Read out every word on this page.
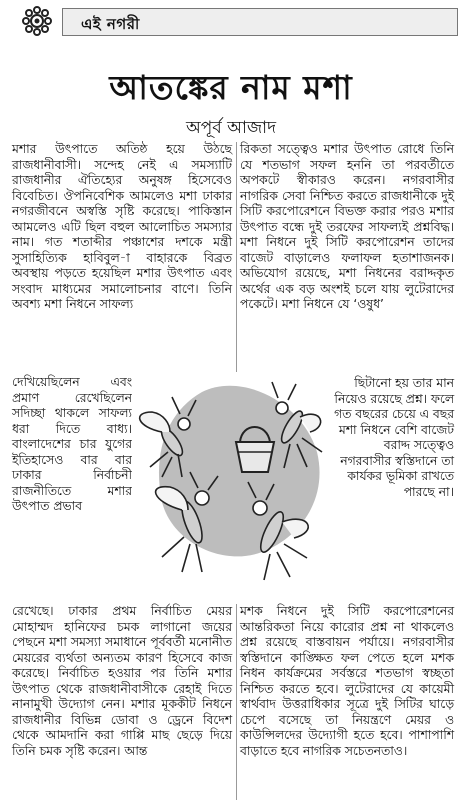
এই নগরী
আতঙ্কের নাম মশা
অপূর্ব আজাদ

মশার উৎপাতে অতিষ্ঠ হয়ে উঠছে রাজধানীবাসী। সন্দেহ নেই এ সমস্যাটি রাজধানীর ঐতিহ্যের অনুষঙ্গ হিসেবেও বিবেচিত। ঔপনিবেশিক আমলেও মশা ঢাকার নগরজীবনে অস্বস্তি সৃষ্টি করেছে। পাকিস্তান আমলেও এটি ছিল বহুল আলোচিত সমস্যার নাম। গত শতাব্দীর পঞ্চাশের দশকে মন্ত্রী সুসাহিত্যিক হাবিবুল-া বাহারকে বিব্রত অবস্থায় পড়তে হয়েছিল মশার উৎপাত এবং সংবাদ মাধ্যমের সমালোচনার বাণে। তিনি অবশ্য মশা নিধনে সাফল্য

রিকতা সত্ত্বেও মশার উৎপাত রোধে তিনি যে শতভাগ সফল হননি তা পরবর্তীতে অপকটে স্বীকারও করেন। নগরবাসীর নাগরিক সেবা নিশ্চিত করতে রাজধানীকে দুই সিটি করপোরেশনে বিভক্ত করার পরও মশার উৎপাত বন্ধে দুই তরফের সাফল্যই প্রশ্নবিদ্ধ। মশা নিধনে দুই সিটি করপোরেশন তাদের বাজেট বাড়ালেও ফলাফল হতাশাজনক। অভিযোগ রয়েছে, মশা নিধনের বরাদ্দকৃত অর্থের এক বড় অংশই চলে যায় লুটেরাদের পকেটে। মশা নিধনে যে ‘ওষুধ’

দেখিয়েছিলেন এবং প্রমাণ রেখেছিলেন সদিচ্ছা থাকলে সাফল্য ধরা দিতে বাধ্য। বাংলাদেশের চার যুগের ইতিহাসেও বার বার ঢাকার নির্বাচনী রাজনীতিতে মশার উৎপাত প্রভাব

ছিটানো হয় তার মান নিয়েও রয়েছে প্রশ্ন। ফলে গত বছরের চেয়ে এ বছর মশা নিধনে বেশি বাজেট বরাদ্দ সত্ত্বেও নগরবাসীর স্বস্তিদানে তা কার্যকর ভূমিকা রাখতে পারছে না।

রেখেছে। ঢাকার প্রথম নির্বাচিত মেয়র মোহাম্মদ হানিফের চমক লাগানো জয়ের পেছনে মশা সমস্যা সমাধানে পূর্ববর্তী মনোনীত মেয়রের ব্যর্থতা অন্যতম কারণ হিসেবে কাজ করেছে। নির্বাচিত হওয়ার পর তিনি মশার উৎপাত থেকে রাজধানীবাসীকে রেহাই দিতে নানামুখী উদ্যোগ নেন। মশার মূককীট নিধনে রাজধানীর বিভিন্ন ডোবা ও ড্রেনে বিদেশ থেকে আমদানি করা গাপ্পি মাছ ছেড়ে দিয়ে তিনি চমক সৃষ্টি করেন। আন্ত

মশক নিধনে দুই সিটি করপোরেশনের আন্তরিকতা নিয়ে কারোর প্রশ্ন না থাকলেও প্রশ্ন রয়েছে বাস্তবায়ন পর্যায়ে। নগরবাসীর স্বস্তিদানে কাঙ্ক্ষিত ফল পেতে হলে মশক নিধন কার্যক্রমের সর্বস্তরে শতভাগ স্বচ্ছতা নিশ্চিত করতে হবে। লুটেরাদের যে কায়েমী স্বার্থবাদ উত্তরাধিকার সূত্রে দুই সিটির ঘাড়ে চেপে বসেছে তা নিয়ন্ত্রণে মেয়র ও কাউন্সিলদের উদ্যোগী হতে হবে। পাশাপাশি বাড়াতে হবে নাগরিক সচেতনতাও।
